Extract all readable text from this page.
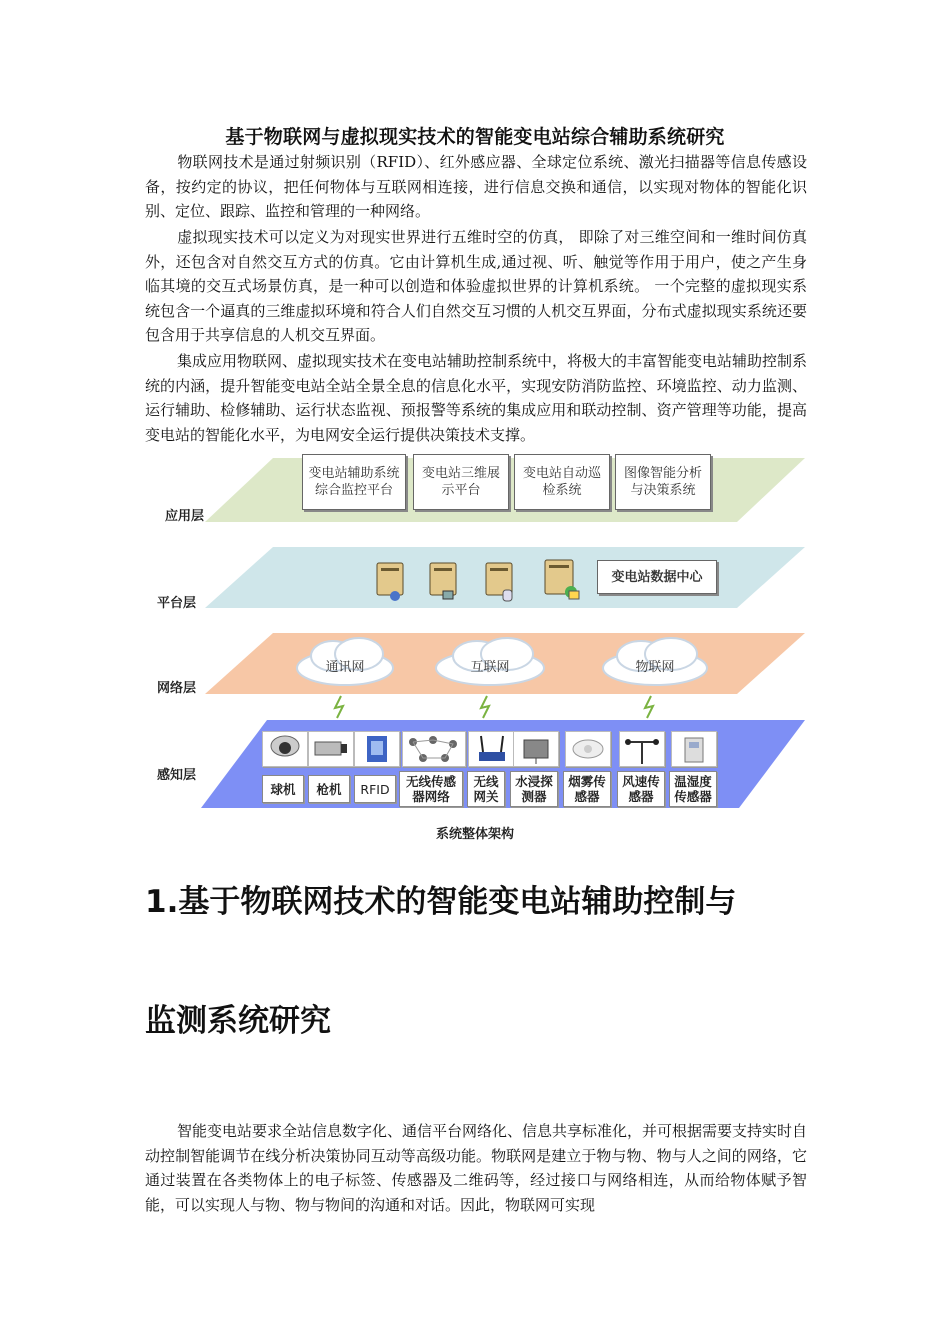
基于物联网与虚拟现实技术的智能变电站综合辅助系统研究

物联网技术是通过射频识别（RFID）、红外感应器、全球定位系统、激光扫描器等信息传感设备，按约定的协议，把任何物体与互联网相连接，进行信息交换和通信，以实现对物体的智能化识别、定位、跟踪、监控和管理的一种网络。

虚拟现实技术可以定义为对现实世界进行五维时空的仿真， 即除了对三维空间和一维时间仿真外，还包含对自然交互方式的仿真。它由计算机生成,通过视、听、触觉等作用于用户，使之产生身临其境的交互式场景仿真，是一种可以创造和体验虚拟世界的计算机系统。 一个完整的虚拟现实系统包含一个逼真的三维虚拟环境和符合人们自然交互习惯的人机交互界面，分布式虚拟现实系统还要包含用于共享信息的人机交互界面。

集成应用物联网、虚拟现实技术在变电站辅助控制系统中，将极大的丰富智能变电站辅助控制系统的内涵，提升智能变电站全站全景全息的信息化水平，实现安防消防监控、环境监控、动力监测、运行辅助、检修辅助、运行状态监视、预报警等系统的集成应用和联动控制、资产管理等功能，提高变电站的智能化水平，为电网安全运行提供决策技术支撑。

应用层
平台层
网络层
感知层
变电站辅助系统
综合监控平台
变电站三维展
示平台
变电站自动巡
检系统
图像智能分析
与决策系统
变电站数据中心
通讯网	互联网	物联网
球机	枪机	RFID	无线传感
器网络
无线
网关
水浸探
测器
烟雾传
感器
风速传
感器
温湿度
传感器
系统整体架构
1.基于物联网技术的智能变电站辅助控制与
监测系统研究

智能变电站要求全站信息数字化、通信平台网络化、信息共享标准化，并可根据需要支持实时自动控制智能调节在线分析决策协同互动等高级功能。物联网是建立于物与物、物与人之间的网络，它通过装置在各类物体上的电子标签、传感器及二维码等，经过接口与网络相连，从而给物体赋予智能，可以实现人与物、物与物间的沟通和对话。因此，物联网可实现
